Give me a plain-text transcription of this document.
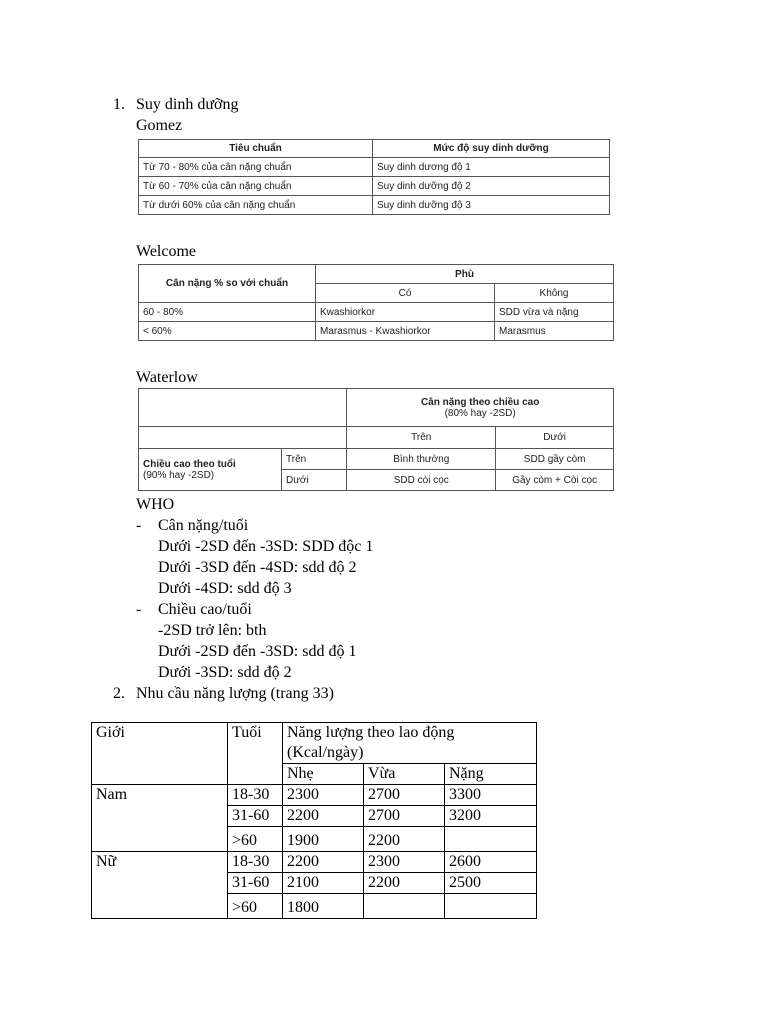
1. Suy dinh dưỡng
Gomez
Tiêu chuẩn	Mức độ suy dinh dưỡng
Từ 70 - 80% của cân nặng chuẩn	Suy dinh dương độ 1
Từ 60 - 70% của cân nặng chuẩn	Suy dinh dưỡng độ 2
Từ dưới 60% của cân nặng chuẩn	Suy dinh dưỡng độ 3
Welcome
Cân nặng % so với chuẩn	Phù	
	Có	Không
60 - 80%	Kwashiorkor	SDD vừa và nặng
< 60%	Marasmus - Kwashiorkor	Marasmus
Waterlow

		Cân nặng theo chiều cao
(80% hay -2SD)	

		Trên	Dưới

Chiều cao theo tuổi
(90% hay -2SD)	Trên	Bình thường	SDD gầy còm
	Dưới	SDD còi cọc	Gầy còm + Còi cọc
WHO
- Cân nặng/tuổi
Dưới -2SD đến -3SD: SDD độc 1
Dưới -3SD đến -4SD: sdd độ 2
Dưới -4SD: sdd độ 3
- Chiều cao/tuổi
-2SD trở lên: bth
Dưới -2SD đến -3SD: sdd độ 1
Dưới -3SD: sdd độ 2
2. Nhu cầu năng lượng (trang 33)
Giới	Tuổi	Năng lượng theo lao động (Kcal/ngày)		
		Nhẹ	Vừa	Nặng
Nam	18-30	2300	2700	3300
	31-60	2200	2700	3200
	>60	1900	2200	
Nữ	18-30	2200	2300	2600
	31-60	2100	2200	2500
	>60	1800		
